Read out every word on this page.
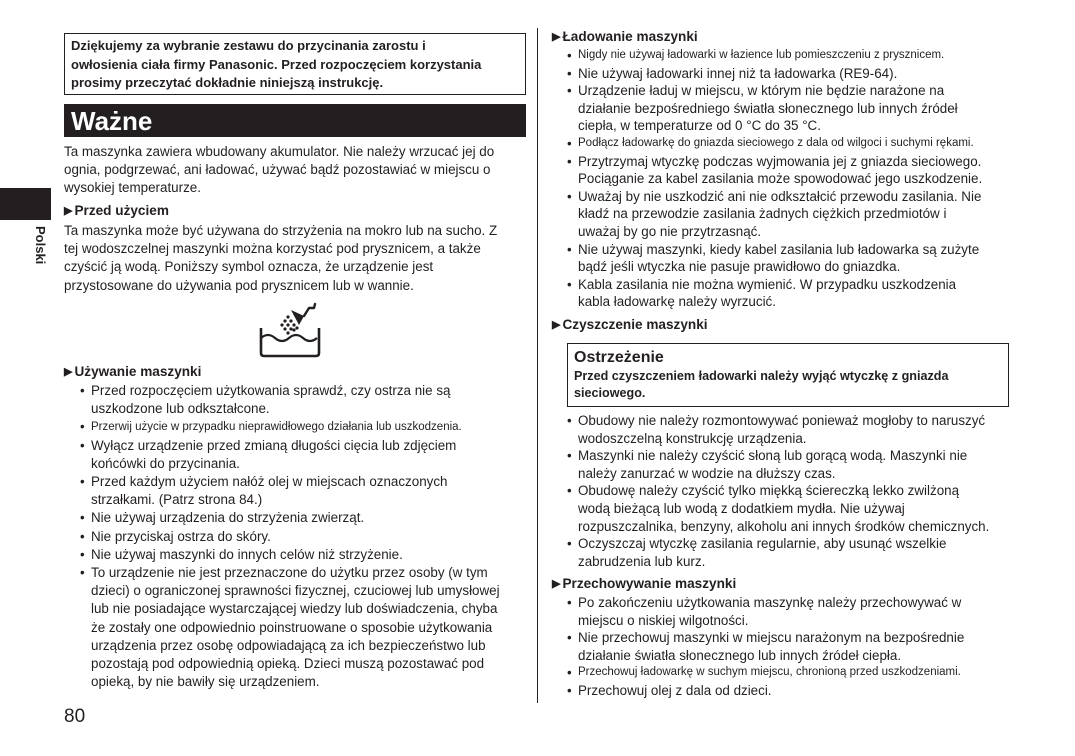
Polski
Dziękujemy za wybranie zestawu do przycinania zarostu i
owłosienia ciała firmy Panasonic. Przed rozpoczęciem korzystania
prosimy przeczytać dokładnie niniejszą instrukcję.
Ważne
Ta maszynka zawiera wbudowany akumulator. Nie należy wrzucać jej do
ognia, podgrzewać, ani ładować, używać bądź pozostawiać w miejscu o
wysokiej temperaturze.
▶ Przed użyciem
Ta maszynka może być używana do strzyżenia na mokro lub na sucho. Z
tej wodoszczelnej maszynki można korzystać pod prysznicem, a także
czyścić ją wodą. Poniższy symbol oznacza, że urządzenie jest
przystosowane do używania pod prysznicem lub w wannie.
▶ Używanie maszynki
• Przed rozpoczęciem użytkowania sprawdź, czy ostrza nie są
uszkodzone lub odkształcone.
• Przerwij użycie w przypadku nieprawidłowego działania lub uszkodzenia.
• Wyłącz urządzenie przed zmianą długości cięcia lub zdjęciem
końcówki do przycinania.
• Przed każdym użyciem nałóż olej w miejscach oznaczonych
strzałkami. (Patrz strona 84.)
• Nie używaj urządzenia do strzyżenia zwierząt.
• Nie przyciskaj ostrza do skóry.
• Nie używaj maszynki do innych celów niż strzyżenie.
• To urządzenie nie jest przeznaczone do użytku przez osoby (w tym
dzieci) o ograniczonej sprawności fizycznej, czuciowej lub umysłowej
lub nie posiadające wystarczającej wiedzy lub doświadczenia, chyba
że zostały one odpowiednio poinstruowane o sposobie użytkowania
urządzenia przez osobę odpowiadającą za ich bezpieczeństwo lub
pozostają pod odpowiednią opieką. Dzieci muszą pozostawać pod
opieką, by nie bawiły się urządzeniem.
▶ Ładowanie maszynki
• Nigdy nie używaj ładowarki w łazience lub pomieszczeniu z prysznicem.
• Nie używaj ładowarki innej niż ta ładowarka (RE9-64).
• Urządzenie ładuj w miejscu, w którym nie będzie narażone na
działanie bezpośredniego światła słonecznego lub innych źródeł
ciepła, w temperaturze od 0 °C do 35 °C.
• Podłącz ładowarkę do gniazda sieciowego z dala od wilgoci i suchymi rękami.
• Przytrzymaj wtyczkę podczas wyjmowania jej z gniazda sieciowego.
Pociąganie za kabel zasilania może spowodować jego uszkodzenie.
• Uważaj by nie uszkodzić ani nie odkształcić przewodu zasilania. Nie
kładź na przewodzie zasilania żadnych ciężkich przedmiotów i
uważaj by go nie przytrzasnąć.
• Nie używaj maszynki, kiedy kabel zasilania lub ładowarka są zużyte
bądź jeśli wtyczka nie pasuje prawidłowo do gniazdka.
• Kabla zasilania nie można wymienić. W przypadku uszkodzenia
kabla ładowarkę należy wyrzucić.
▶ Czyszczenie maszynki
Ostrzeżenie
Przed czyszczeniem ładowarki należy wyjąć wtyczkę z gniazda
sieciowego.
• Obudowy nie należy rozmontowywać ponieważ mogłoby to naruszyć
wodoszczelną konstrukcję urządzenia.
• Maszynki nie należy czyścić słoną lub gorącą wodą. Maszynki nie
należy zanurzać w wodzie na dłuższy czas.
• Obudowę należy czyścić tylko miękką ściereczką lekko zwilżoną
wodą bieżącą lub wodą z dodatkiem mydła. Nie używaj
rozpuszczalnika, benzyny, alkoholu ani innych środków chemicznych.
• Oczyszczaj wtyczkę zasilania regularnie, aby usunąć wszelkie
zabrudzenia lub kurz.
▶ Przechowywanie maszynki
• Po zakończeniu użytkowania maszynkę należy przechowywać w
miejscu o niskiej wilgotności.
• Nie przechowuj maszynki w miejscu narażonym na bezpośrednie
działanie światła słonecznego lub innych źródeł ciepła.
• Przechowuj ładowarkę w suchym miejscu, chronioną przed uszkodzeniami.
• Przechowuj olej z dala od dzieci.
80
